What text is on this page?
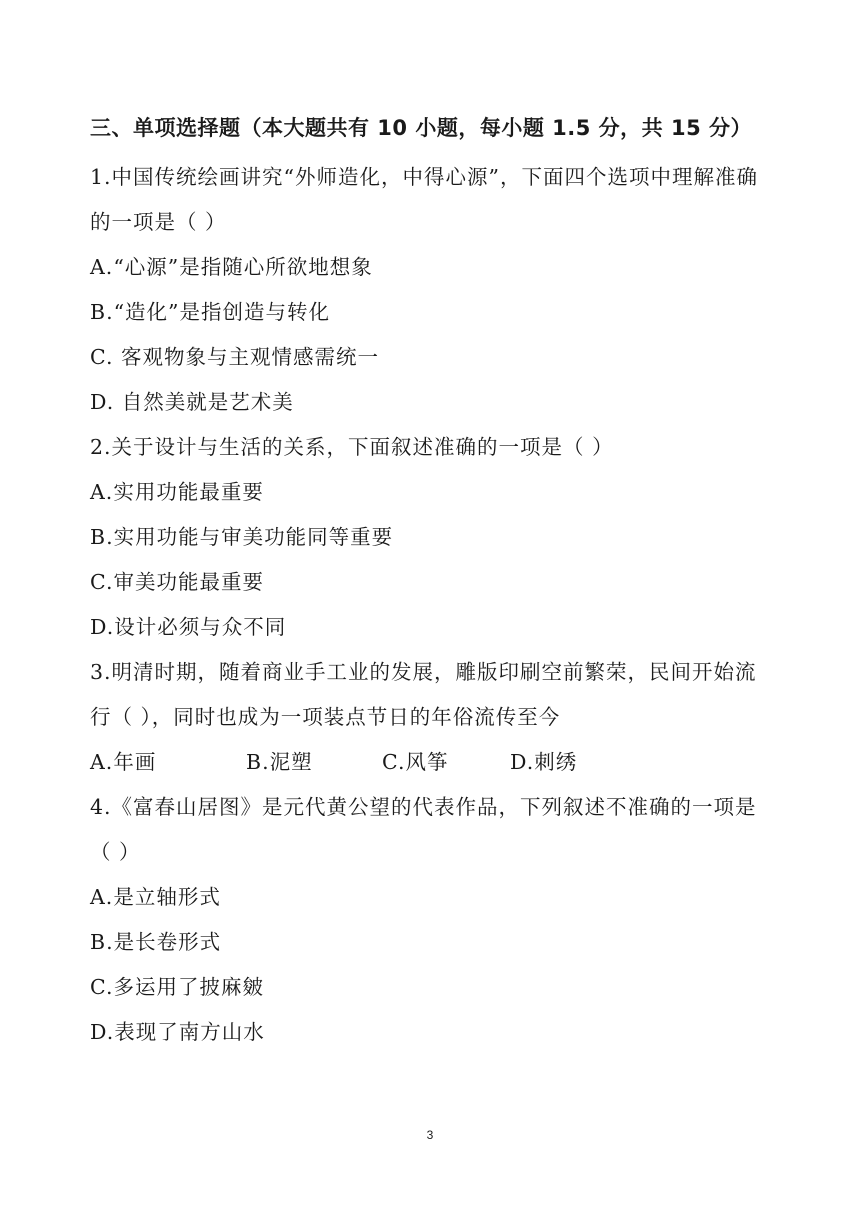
三、单项选择题（本大题共有 10 小题，每小题 1.5 分，共 15 分）
1.中国传统绘画讲究“外师造化，中得心源”，下面四个选项中理解准确
的一项是（ ）
A.“心源”是指随心所欲地想象
B.“造化”是指创造与转化
C. 客观物象与主观情感需统一
D. 自然美就是艺术美
2.关于设计与生活的关系，下面叙述准确的一项是（ ）
A.实用功能最重要
B.实用功能与审美功能同等重要
C.审美功能最重要
D.设计必须与众不同
3.明清时期，随着商业手工业的发展，雕版印刷空前繁荣，民间开始流
行（ ），同时也成为一项装点节日的年俗流传至今
A.年画	B.泥塑	C.风筝	D.刺绣
4.《富春山居图》是元代黄公望的代表作品，下列叙述不准确的一项是
（ ）
A.是立轴形式
B.是长卷形式
C.多运用了披麻皴
D.表现了南方山水
3
